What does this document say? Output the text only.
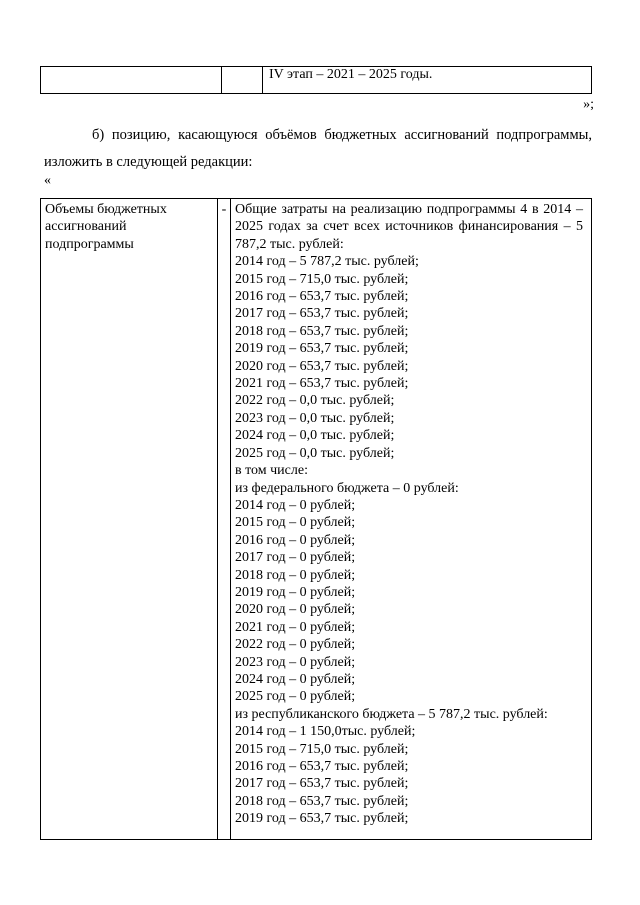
		IV этап – 2021 – 2025 годы.
»;

б) позицию, касающуюся объёмов бюджетных ассигнований подпрограммы, изложить в следующей редакции:

«
Объемы бюджетных ассигнований подпрограммы	-	Общие затраты на реализацию подпрограммы 4 в 2014 – 2025 годах за счет всех источников финансирования – 5 787,2 тыс. рублей:
2014 год – 5 787,2 тыс. рублей;
2015 год – 715,0 тыс. рублей;
2016 год – 653,7 тыс. рублей;
2017 год – 653,7 тыс. рублей;
2018 год – 653,7 тыс. рублей;
2019 год – 653,7 тыс. рублей;
2020 год – 653,7 тыс. рублей;
2021 год – 653,7 тыс. рублей;
2022 год – 0,0 тыс. рублей;
2023 год – 0,0 тыс. рублей;
2024 год – 0,0 тыс. рублей;
2025 год – 0,0 тыс. рублей;
в том числе:
из федерального бюджета – 0 рублей:
2014 год – 0 рублей;
2015 год – 0 рублей;
2016 год – 0 рублей;
2017 год – 0 рублей;
2018 год – 0 рублей;
2019 год – 0 рублей;
2020 год – 0 рублей;
2021 год – 0 рублей;
2022 год – 0 рублей;
2023 год – 0 рублей;
2024 год – 0 рублей;
2025 год – 0 рублей;
из республиканского бюджета – 5 787,2 тыс. рублей:
2014 год – 1 150,0тыс. рублей;
2015 год – 715,0 тыс. рублей;
2016 год – 653,7 тыс. рублей;
2017 год – 653,7 тыс. рублей;
2018 год – 653,7 тыс. рублей;
2019 год – 653,7 тыс. рублей;
